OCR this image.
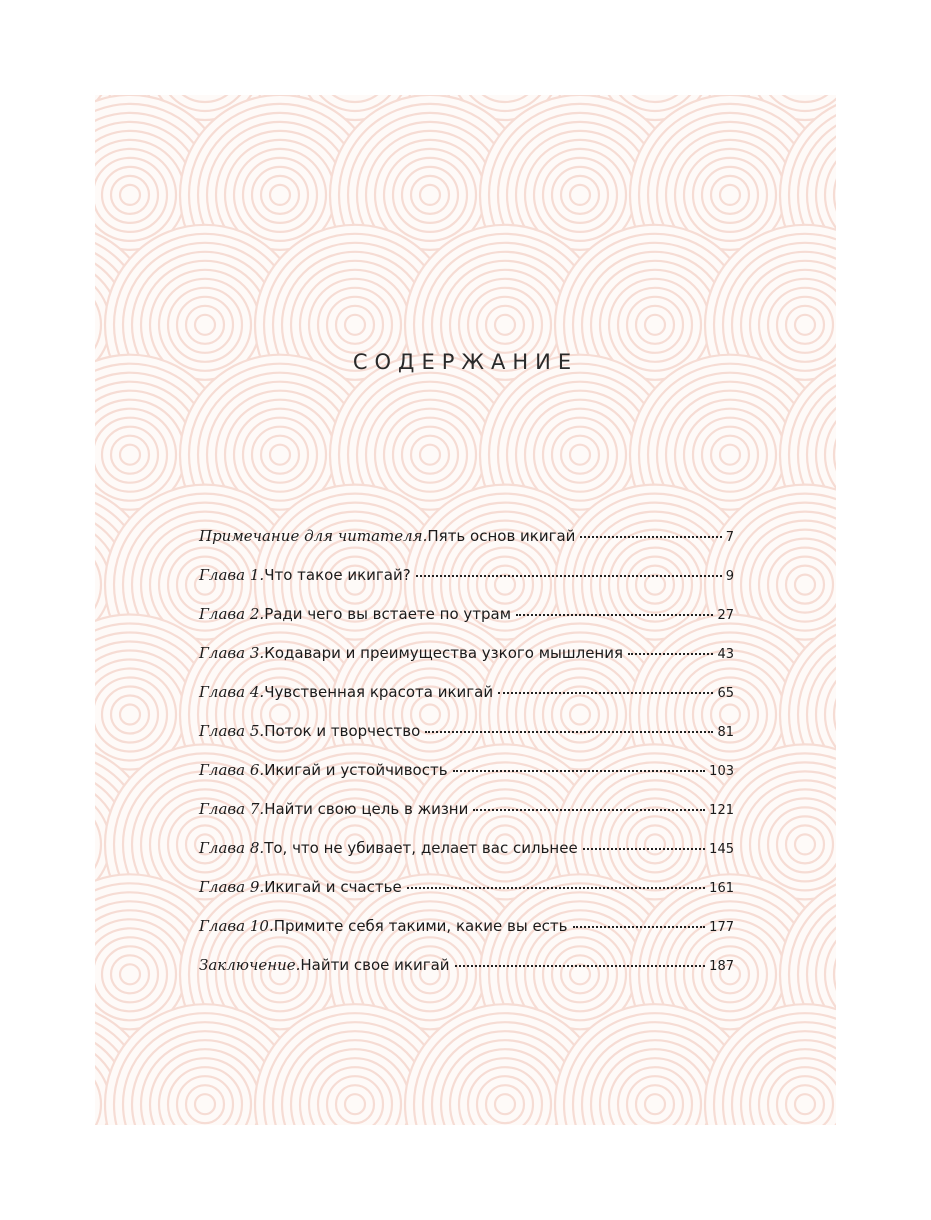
СОДЕРЖАНИЕ
Примечание для читателя. Пять основ икигай	7
Глава 1. Что такое икигай?	9
Глава 2. Ради чего вы встаете по утрам	27
Глава 3. Кодавари и преимущества узкого мышления	43
Глава 4. Чувственная красота икигай	65
Глава 5. Поток и творчество	81
Глава 6. Икигай и устойчивость	103
Глава 7. Найти свою цель в жизни	121
Глава 8. То, что не убивает, делает вас сильнее	145
Глава 9. Икигай и счастье	161
Глава 10. Примите себя такими, какие вы есть	177
Заключение. Найти свое икигай	187
